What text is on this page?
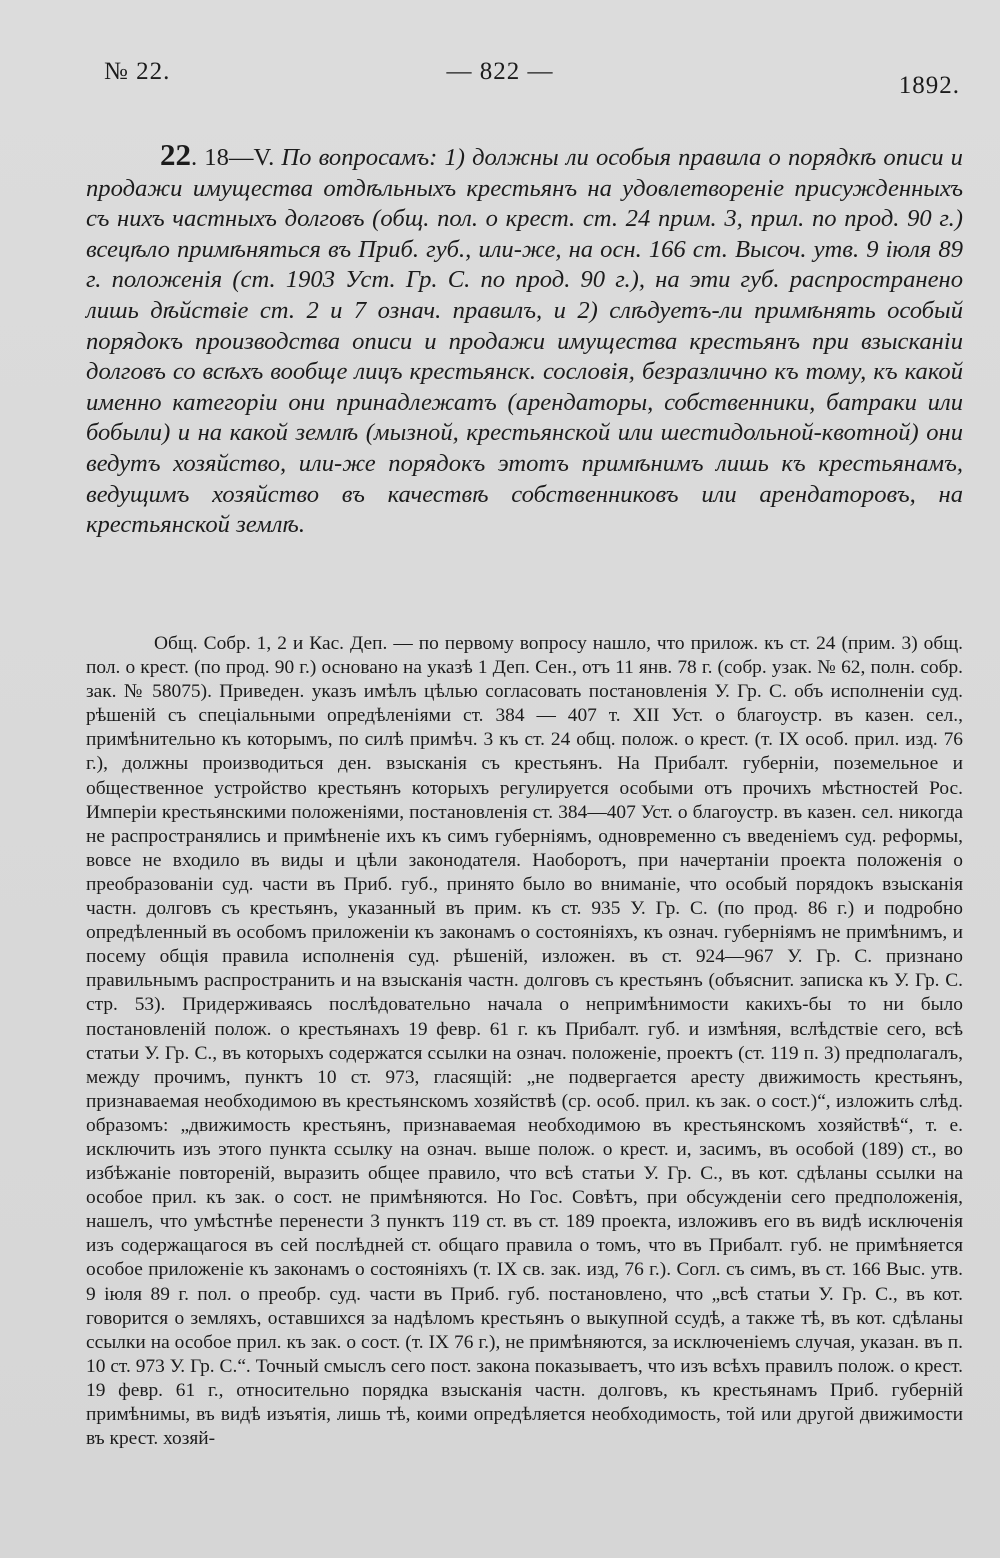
№ 22.	— 822 —
1892.
22. 18—V. По вопросамъ: 1) должны ли особыя правила о порядкѣ описи и продажи имущества отдѣльныхъ крестьянъ на удовлетвореніе присужденныхъ съ нихъ частныхъ долговъ (общ. пол. о крест. ст. 24 прим. 3, прил. по прод. 90 г.) всецѣло примѣняться въ Приб. губ., или-же, на осн. 166 ст. Высоч. утв. 9 іюля 89 г. положенія (ст. 1903 Уст. Гр. С. по прод. 90 г.), на эти губ. распространено лишь дѣйствіе ст. 2 и 7 означ. правилъ, и 2) слѣдуетъ-ли примѣнять особый порядокъ производства описи и продажи имущества крестьянъ при взысканіи долговъ со всѣхъ вообще лицъ крестьянск. сословія, безразлично къ тому, къ какой именно категоріи они принадлежатъ (арендаторы, собственники, батраки или бобыли) и на какой землѣ (мызной, крестьянской или шестидольной-квотной) они ведутъ хозяйство, или-же порядокъ этотъ примѣнимъ лишь къ крестьянамъ, ведущимъ хозяйство въ качествѣ собственниковъ или арендаторовъ, на крестьянской землѣ.
Общ. Собр. 1, 2 и Кас. Деп. — по первому вопросу нашло, что прилож. къ ст. 24 (прим. 3) общ. пол. о крест. (по прод. 90 г.) основано на указѣ 1 Деп. Сен., отъ 11 янв. 78 г. (собр. узак. № 62, полн. собр. зак. № 58075). Приведен. указъ имѣлъ цѣлью согласовать постановленія У. Гр. С. объ исполненіи суд. рѣшеній съ спеціальными опредѣленіями ст. 384 — 407 т. XII Уст. о благоустр. въ казен. сел., примѣнительно къ которымъ, по силѣ примѣч. 3 къ ст. 24 общ. полож. о крест. (т. IX особ. прил. изд. 76 г.), должны производиться ден. взысканія съ крестьянъ. На Прибалт. губерніи, поземельное и общественное устройство крестьянъ которыхъ регулируется особыми отъ прочихъ мѣстностей Рос. Имперіи крестьянскими положеніями, постановленія ст. 384—407 Уст. о благоустр. въ казен. сел. никогда не распространялись и примѣненіе ихъ къ симъ губерніямъ, одновременно съ введеніемъ суд. реформы, вовсе не входило въ виды и цѣли законодателя. Наоборотъ, при начертаніи проекта положенія о преобразованіи суд. части въ Приб. губ., принято было во вниманіе, что особый порядокъ взысканія частн. долговъ съ крестьянъ, указанный въ прим. къ ст. 935 У. Гр. С. (по прод. 86 г.) и подробно опредѣленный въ особомъ приложеніи къ законамъ о состояніяхъ, къ означ. губерніямъ не примѣнимъ, и посему общія правила исполненія суд. рѣшеній, изложен. въ ст. 924—967 У. Гр. С. признано правильнымъ распространить и на взысканія частн. долговъ съ крестьянъ (объяснит. записка къ У. Гр. С. стр. 53). Придерживаясь послѣдовательно начала о непримѣнимости какихъ-бы то ни было постановленій полож. о крестьянахъ 19 февр. 61 г. къ Прибалт. губ. и измѣняя, вслѣдствіе сего, всѣ статьи У. Гр. С., въ которыхъ содержатся ссылки на означ. положеніе, проектъ (ст. 119 п. 3) предполагалъ, между прочимъ, пунктъ 10 ст. 973, гласящій: „не подвергается аресту движимость крестьянъ, признаваемая необходимою въ крестьянскомъ хозяйствѣ (ср. особ. прил. къ зак. о сост.)“, изложить слѣд. образомъ: „движимость крестьянъ, признаваемая необходимою въ крестьянскомъ хозяйствѣ“, т. е. исключить изъ этого пункта ссылку на означ. выше полож. о крест. и, засимъ, въ особой (189) ст., во избѣжаніе повтореній, выразить общее правило, что всѣ статьи У. Гр. С., въ кот. сдѣланы ссылки на особое прил. къ зак. о сост. не примѣняются. Но Гос. Совѣтъ, при обсужденіи сего предположенія, нашелъ, что умѣстнѣе перенести 3 пунктъ 119 ст. въ ст. 189 проекта, изложивъ его въ видѣ исключенія изъ содержащагося въ сей послѣдней ст. общаго правила о томъ, что въ Прибалт. губ. не примѣняется особое приложеніе къ законамъ о состояніяхъ (т. IX св. зак. изд, 76 г.). Согл. съ симъ, въ ст. 166 Выс. утв. 9 іюля 89 г. пол. о преобр. суд. части въ Приб. губ. постановлено, что „всѣ статьи У. Гр. С., въ кот. говорится о земляхъ, оставшихся за надѣломъ крестьянъ о выкупной ссудѣ, а также тѣ, въ кот. сдѣланы ссылки на особое прил. къ зак. о сост. (т. IX 76 г.), не примѣняются, за исключеніемъ случая, указан. въ п. 10 ст. 973 У. Гр. С.“. Точный смыслъ сего пост. закона показываетъ, что изъ всѣхъ правилъ полож. о крест. 19 февр. 61 г., относительно порядка взысканія частн. долговъ, къ крестьянамъ Приб. губерній примѣнимы, въ видѣ изъятія, лишь тѣ, коими опредѣляется необходимость, той или другой движимости въ крест. хозяй-
